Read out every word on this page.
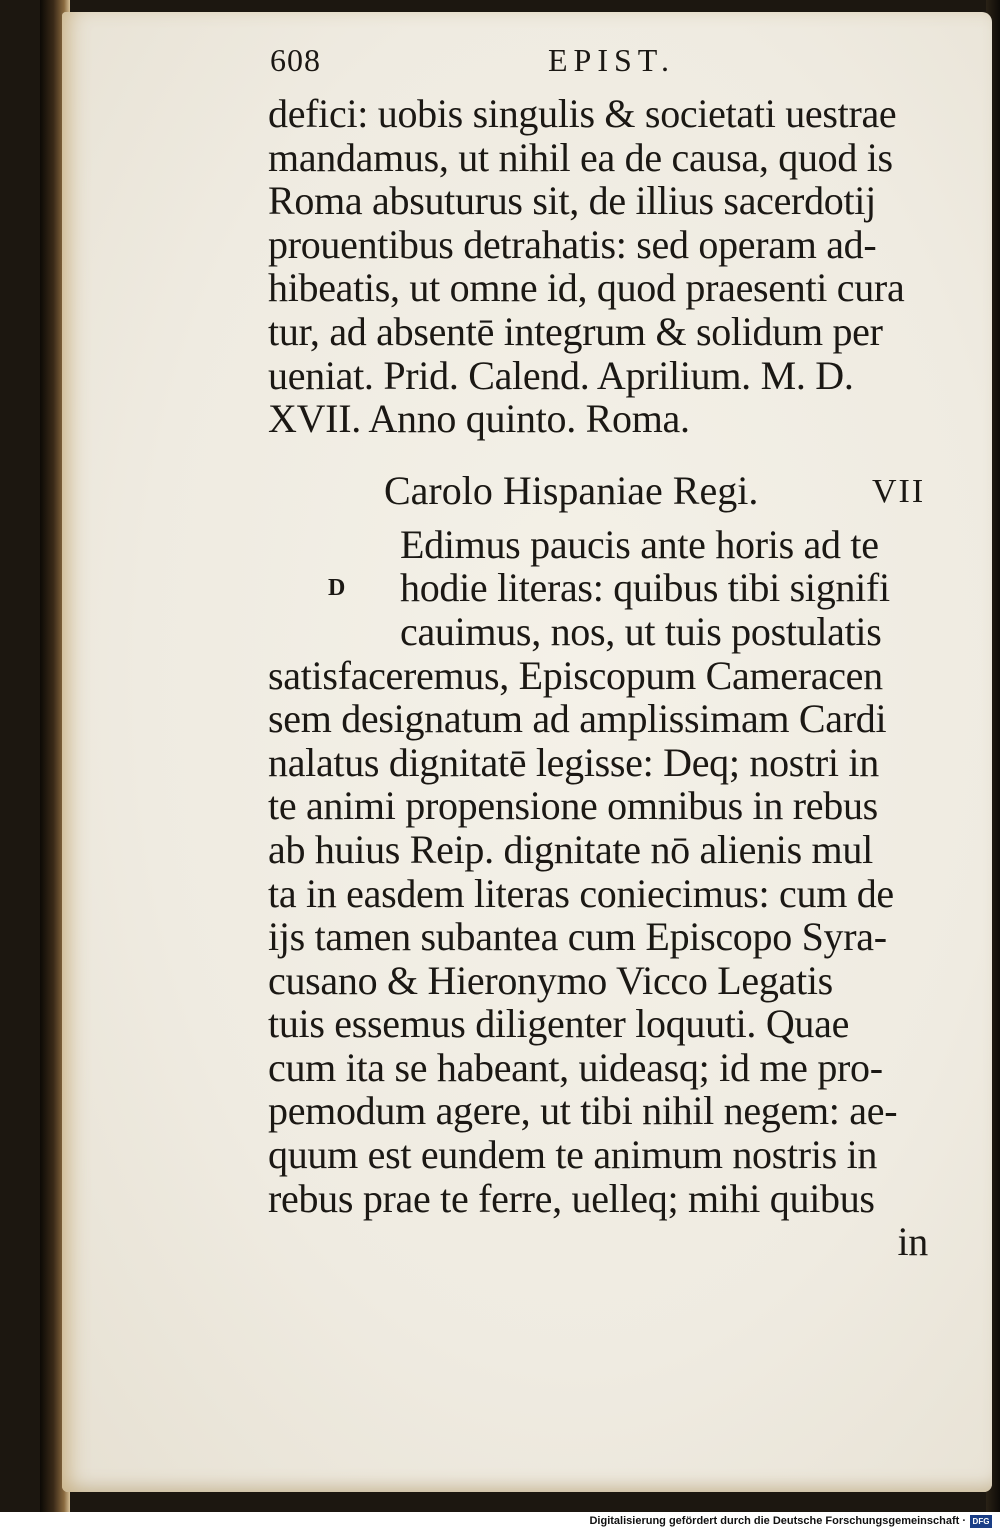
608	EPIST.
defici: uobis singulis & societati uestrae
mandamus, ut nihil ea de causa, quod is
Roma absuturus sit, de illius sacerdotij
prouentibus detrahatis: sed operam ad-
hibeatis, ut omne id, quod praesenti cura
tur, ad absentē integrum & solidum per
ueniat. Prid. Calend. Aprilium. M. D.
XVII. Anno quinto. Roma.
Carolo Hispaniae Regi.	VII
D
Edimus paucis ante horis ad te
hodie literas: quibus tibi signifi
cauimus, nos, ut tuis postulatis
satisfaceremus, Episcopum Cameracen
sem designatum ad amplissimam Cardi
nalatus dignitatē legisse: Deq; nostri in
te animi propensione omnibus in rebus
ab huius Reip. dignitate nō alienis mul
ta in easdem literas coniecimus: cum de
ijs tamen subantea cum Episcopo Syra-
cusano & Hieronymo Vicco Legatis
tuis essemus diligenter loquuti. Quae
cum ita se habeant, uideasq; id me pro-
pemodum agere, ut tibi nihil negem: ae-
quum est eundem te animum nostris in
rebus prae te ferre, uelleq; mihi quibus
in
Digitalisierung gefördert durch die Deutsche Forschungsgemeinschaft · DFG
